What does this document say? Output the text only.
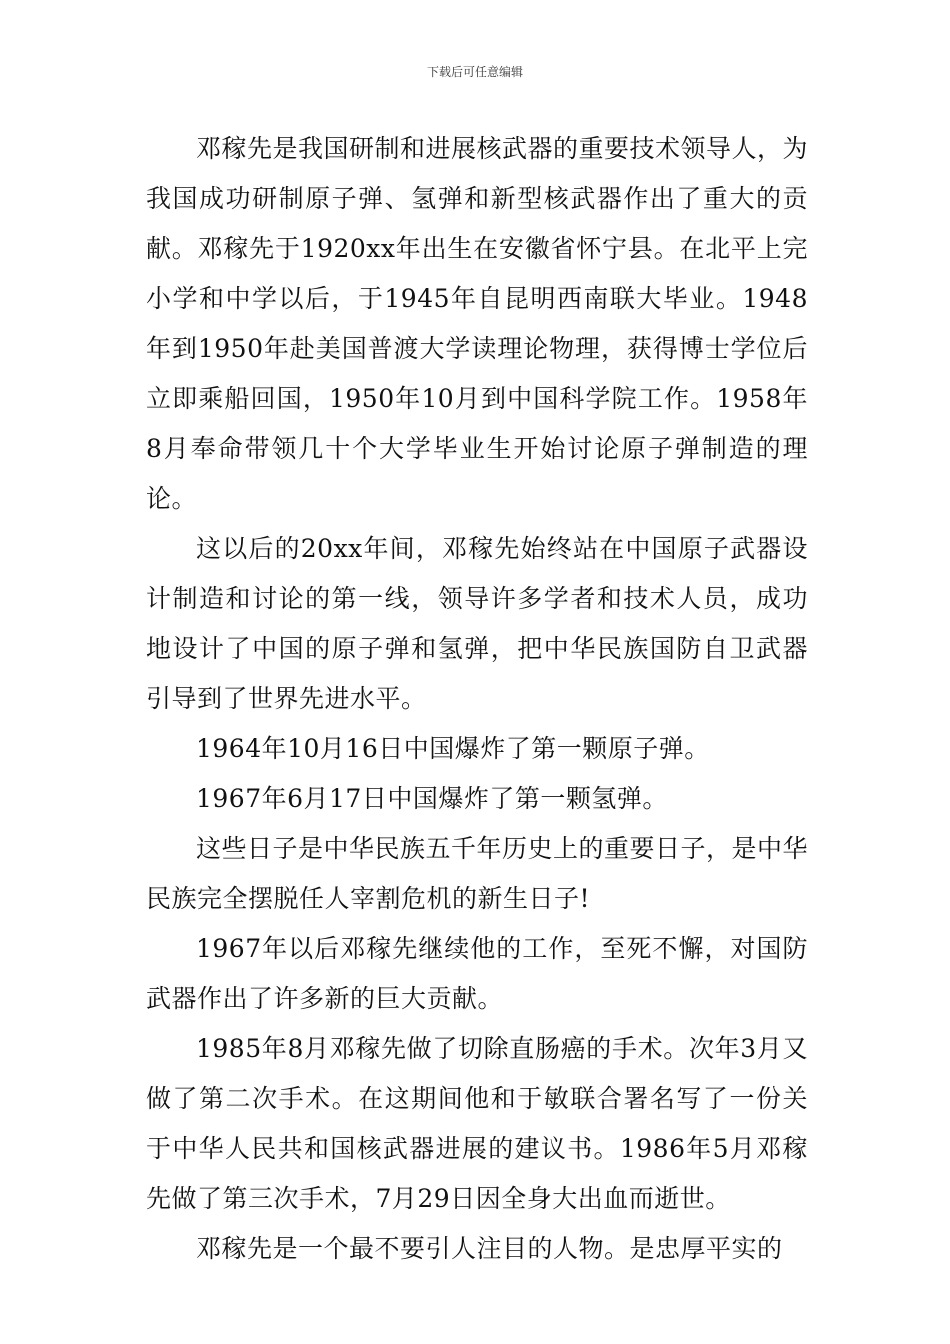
下载后可任意编辑

邓稼先是我国研制和进展核武器的重要技术领导人，为我国成功研制原子弹、氢弹和新型核武器作出了重大的贡献。邓稼先于1920xx年出生在安徽省怀宁县。在北平上完小学和中学以后，于1945年自昆明西南联大毕业。1948年到1950年赴美国普渡大学读理论物理，获得博士学位后立即乘船回国，1950年10月到中国科学院工作。1958年8月奉命带领几十个大学毕业生开始讨论原子弹制造的理论。

这以后的20xx年间，邓稼先始终站在中国原子武器设计制造和讨论的第一线，领导许多学者和技术人员，成功地设计了中国的原子弹和氢弹，把中华民族国防自卫武器引导到了世界先进水平。

1964年10月16日中国爆炸了第一颗原子弹。

1967年6月17日中国爆炸了第一颗氢弹。

这些日子是中华民族五千年历史上的重要日子，是中华民族完全摆脱任人宰割危机的新生日子!

1967年以后邓稼先继续他的工作，至死不懈，对国防武器作出了许多新的巨大贡献。

1985年8月邓稼先做了切除直肠癌的手术。次年3月又做了第二次手术。在这期间他和于敏联合署名写了一份关于中华人民共和国核武器进展的建议书。1986年5月邓稼先做了第三次手术，7月29日因全身大出血而逝世。

邓稼先是一个最不要引人注目的人物。是忠厚平实的
